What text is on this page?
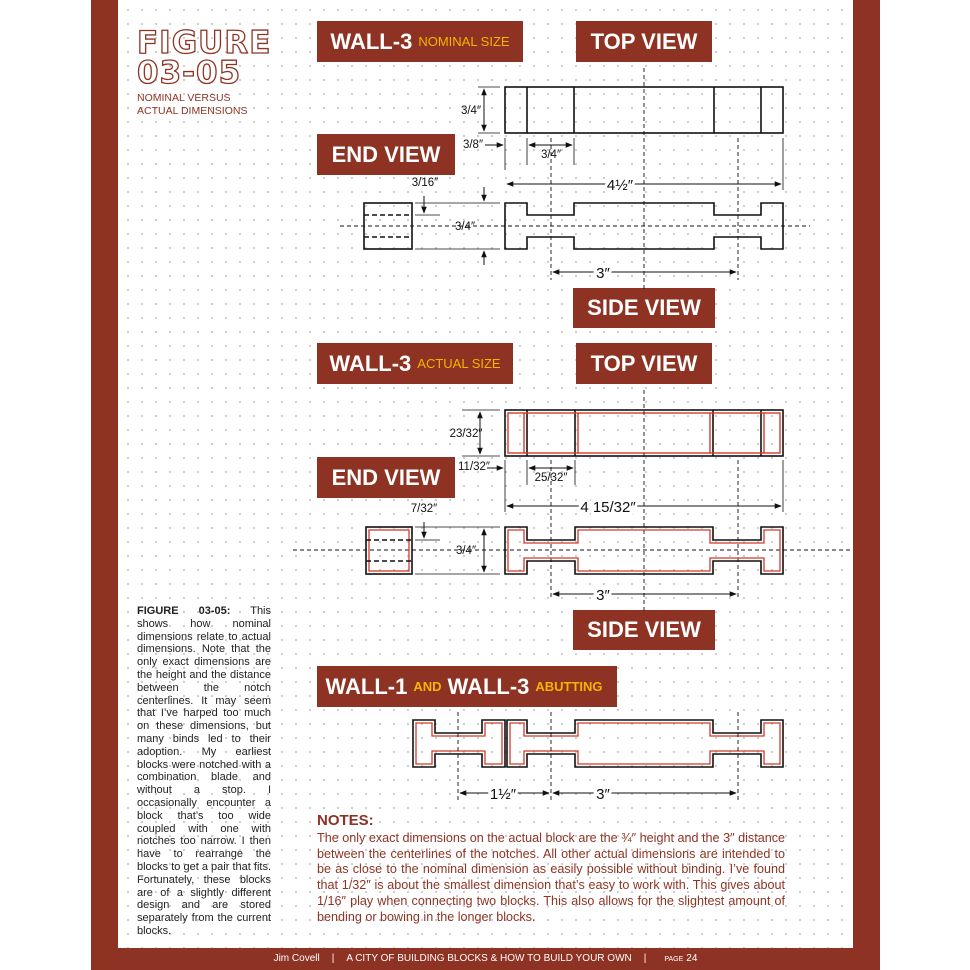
FIGURE
03-05
NOMINAL VERSUS
ACTUAL DIMENSIONS
WALL-3 NOMINAL SIZE	TOP VIEW
END VIEW
SIDE VIEW
WALL-3 ACTUAL SIZE	TOP VIEW
END VIEW
SIDE VIEW
WALL-1 AND WALL-3 ABUTTING
3/4″
3/8″
3/4″
3/16″
3/4″
23/32″
11/32″
25/32″
7/32″
3/4″
4½″
3″
4 15/32″
3″
1½″	3″
FIGURE 03-05: This shows how nominal dimensions relate to actual dimensions. Note that the only exact dimensions are the height and the distance between the notch centerlines. It may seem that I’ve harped too much on these dimensions, but many binds led to their adoption. My earliest blocks were notched with a combination blade and without a stop. I occasionally encounter a block that’s too wide coupled with one with notches too narrow. I then have to rearrange the blocks to get a pair that fits. Fortunately, these blocks are of a slightly different design and are stored separately from the current blocks.
NOTES:
The only exact dimensions on the actual block are the ¾″ height and the 3″ distance between the centerlines of the notches. All other actual dimensions are intended to be as close to the nominal dimension as easily possible without binding. I’ve found that 1/32″ is about the smallest dimension that’s easy to work with. This gives about 1/16″ play when connecting two blocks. This also allows for the slightest amount of bending or bowing in the longer blocks.
Jim Covell | A CITY OF BUILDING BLOCKS & HOW TO BUILD YOUR OWN |	PAGE 24
